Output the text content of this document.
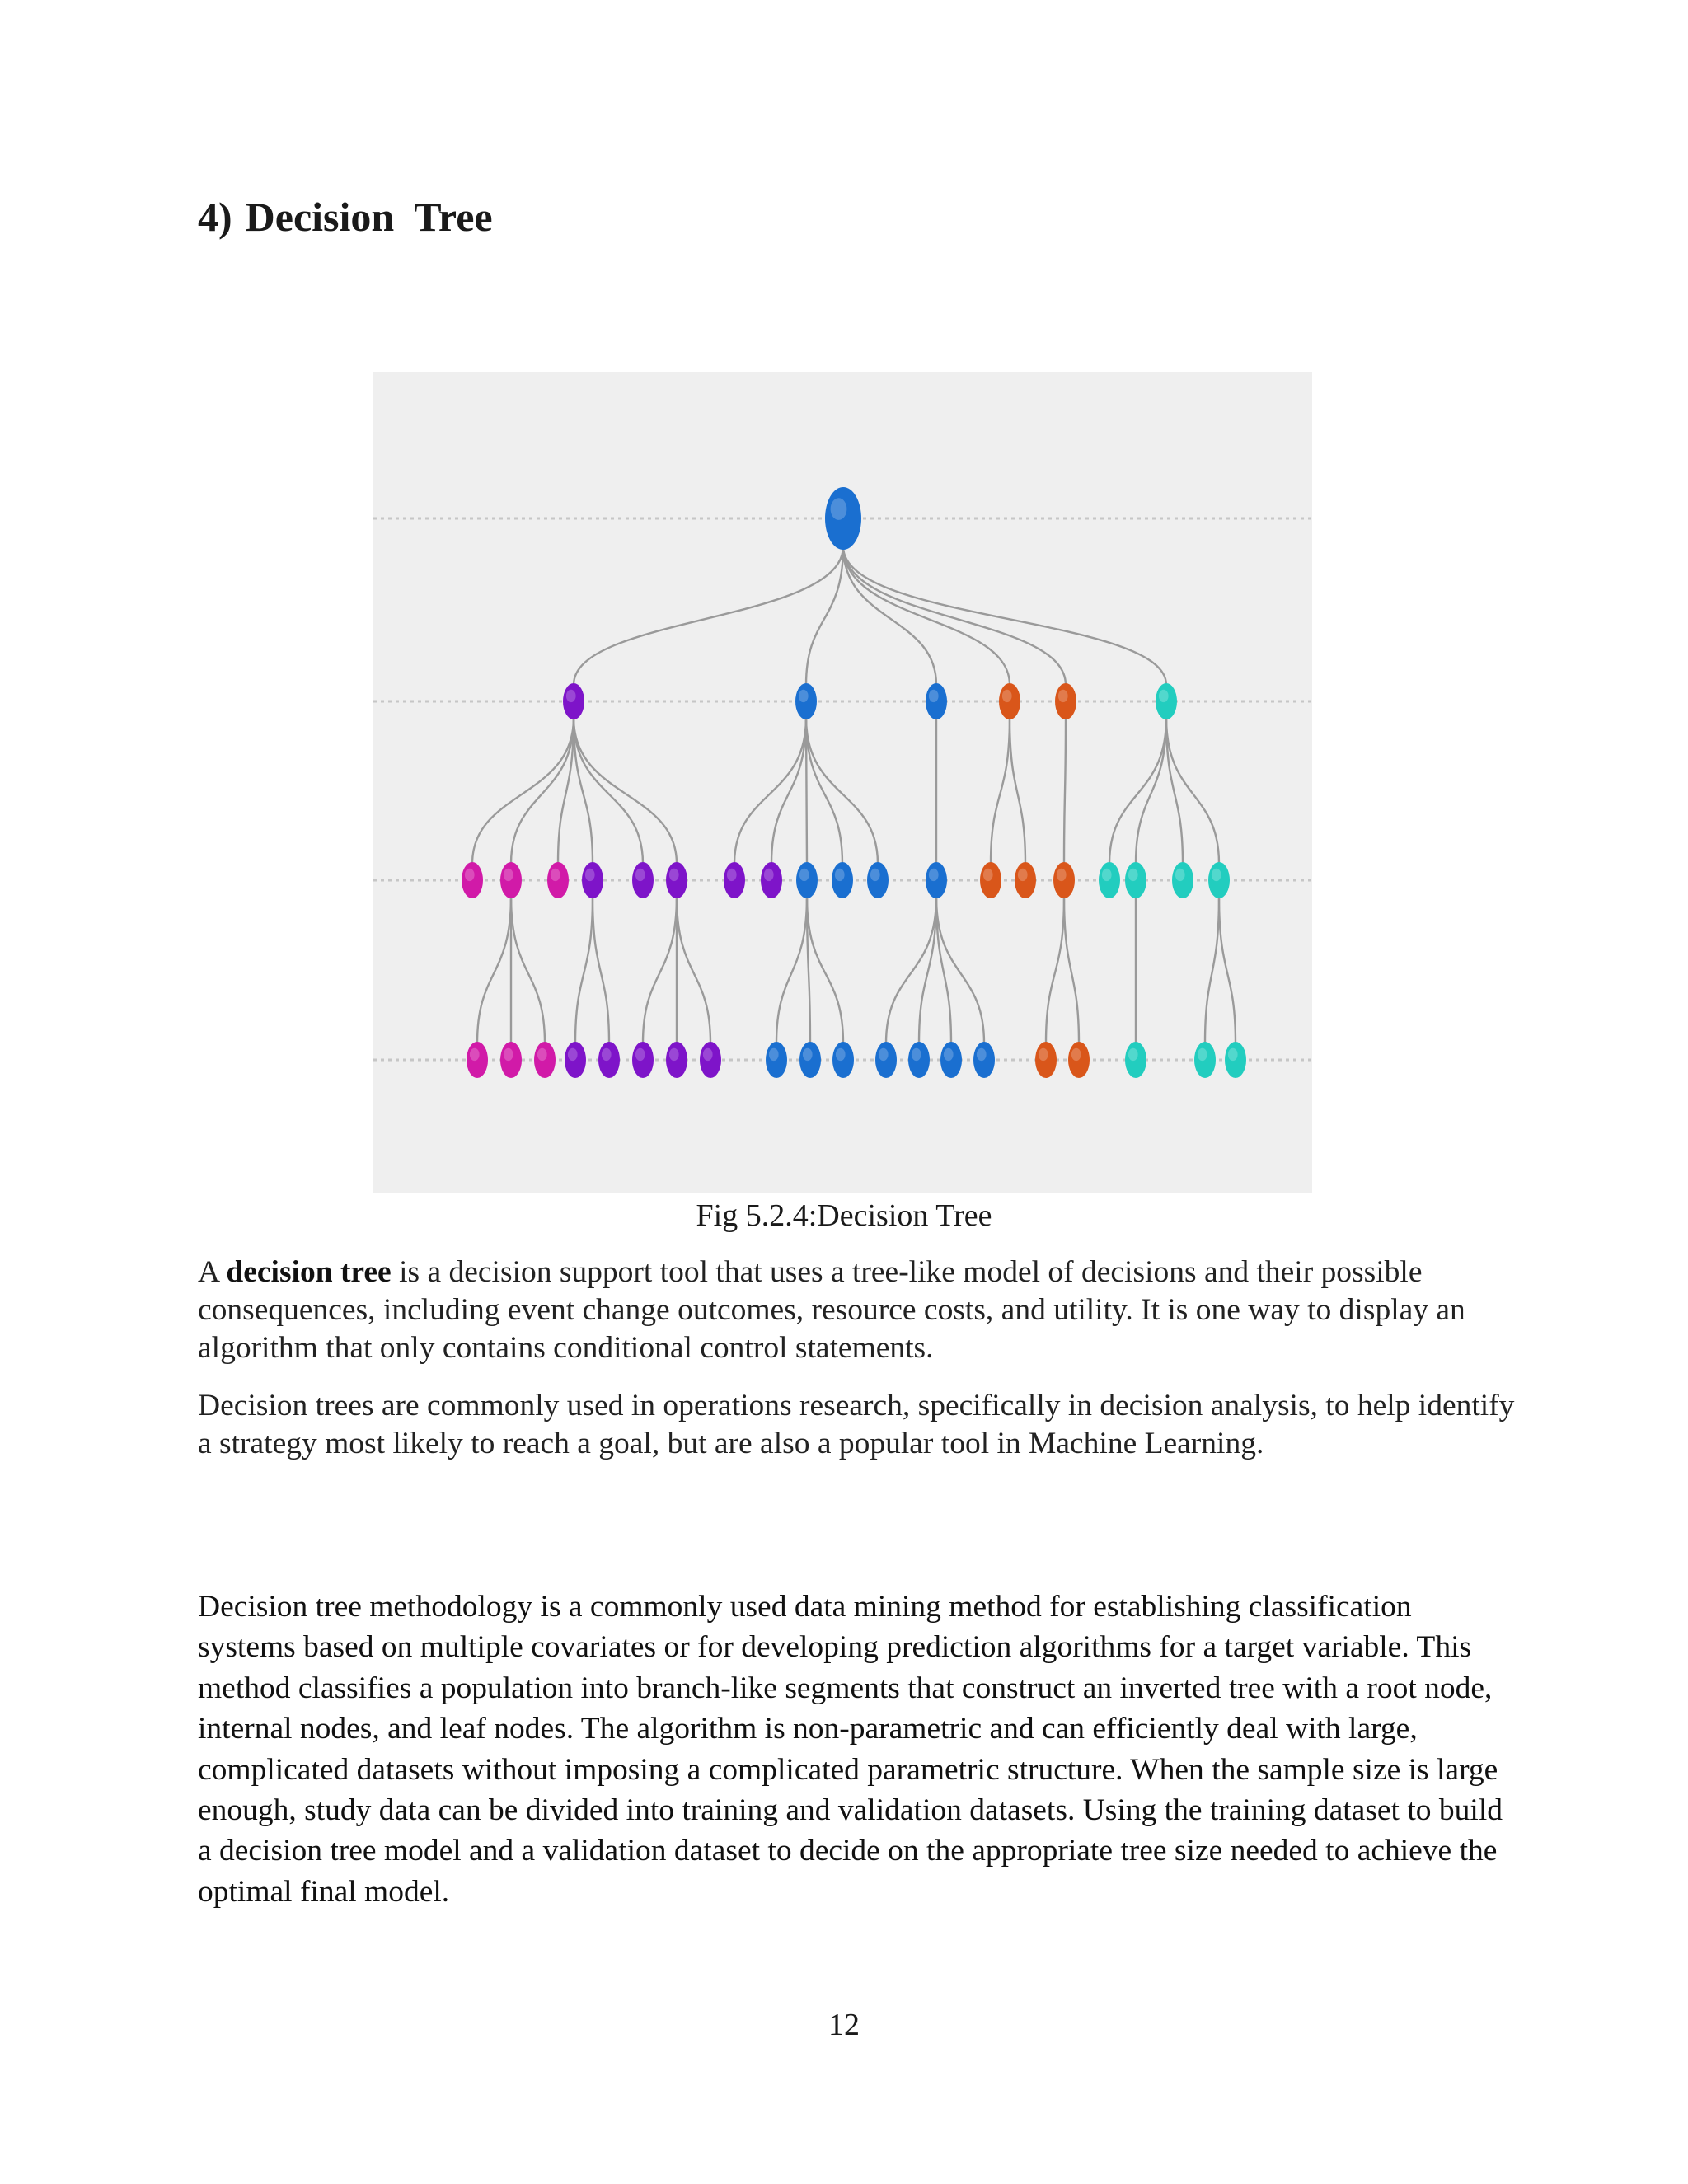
4) Decision  Tree
Fig 5.2.4:Decision Tree

A decision tree is a decision support tool that uses a tree-like model of decisions and their possible consequences, including event change outcomes, resource costs, and utility. It is one way to display an algorithm that only contains conditional control statements.

Decision trees are commonly used in operations research, specifically in decision analysis, to help identify a strategy most likely to reach a goal, but are also a popular tool in Machine Learning.

Decision tree methodology is a commonly used data mining method for establishing classification systems based on multiple covariates or for developing prediction algorithms for a target variable. This method classifies a population into branch-like segments that construct an inverted tree with a root node, internal nodes, and leaf nodes. The algorithm is non-parametric and can efficiently deal with large, complicated datasets without imposing a complicated parametric structure. When the sample size is large enough, study data can be divided into training and validation datasets. Using the training dataset to build a decision tree model and a validation dataset to decide on the appropriate tree size needed to achieve the optimal final model.

12
